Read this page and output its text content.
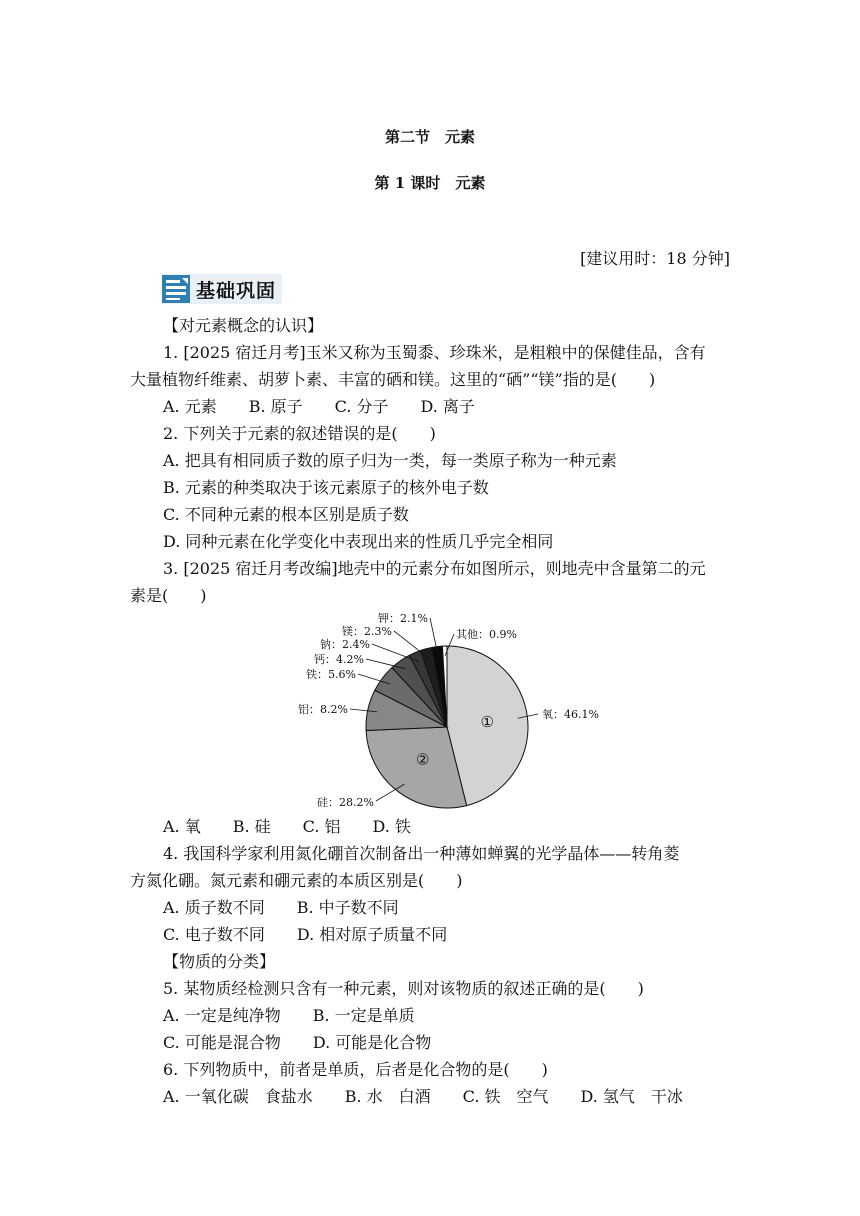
第二节　元素
第 1 课时　元素
[建议用时：18 分钟]
基础巩固
【对元素概念的认识】
1. [2025 宿迁月考]玉米又称为玉蜀黍、珍珠米，是粗粮中的保健佳品，含有
大量植物纤维素、胡萝卜素、丰富的硒和镁。这里的“硒”“镁”指的是(　　)
A. 元素　　B. 原子　　C. 分子　　D. 离子
2. 下列关于元素的叙述错误的是(　　)
A. 把具有相同质子数的原子归为一类，每一类原子称为一种元素
B. 元素的种类取决于该元素原子的核外电子数
C. 不同种元素的根本区别是质子数
D. 同种元素在化学变化中表现出来的性质几乎完全相同
3. [2025 宿迁月考改编]地壳中的元素分布如图所示，则地壳中含量第二的元
素是(　　)
①	氧：46.1%
②
硅：28.2%
铝：8.2%
铁：5.6%
钙：4.2%
钠：2.4%
镁：2.3%
钾：2.1%
其他：0.9%
A. 氧　　B. 硅　　C. 铝　　D. 铁
4. 我国科学家利用氮化硼首次制备出一种薄如蝉翼的光学晶体——转角菱
方氮化硼。氮元素和硼元素的本质区别是(　　)
A. 质子数不同　　B. 中子数不同
C. 电子数不同　　D. 相对原子质量不同
【物质的分类】
5. 某物质经检测只含有一种元素，则对该物质的叙述正确的是(　　)
A. 一定是纯净物　　B. 一定是单质
C. 可能是混合物　　D. 可能是化合物
6. 下列物质中，前者是单质，后者是化合物的是(　　)
A. 一氧化碳　食盐水　　B. 水　白酒　　C. 铁　空气　　D. 氢气　干冰
